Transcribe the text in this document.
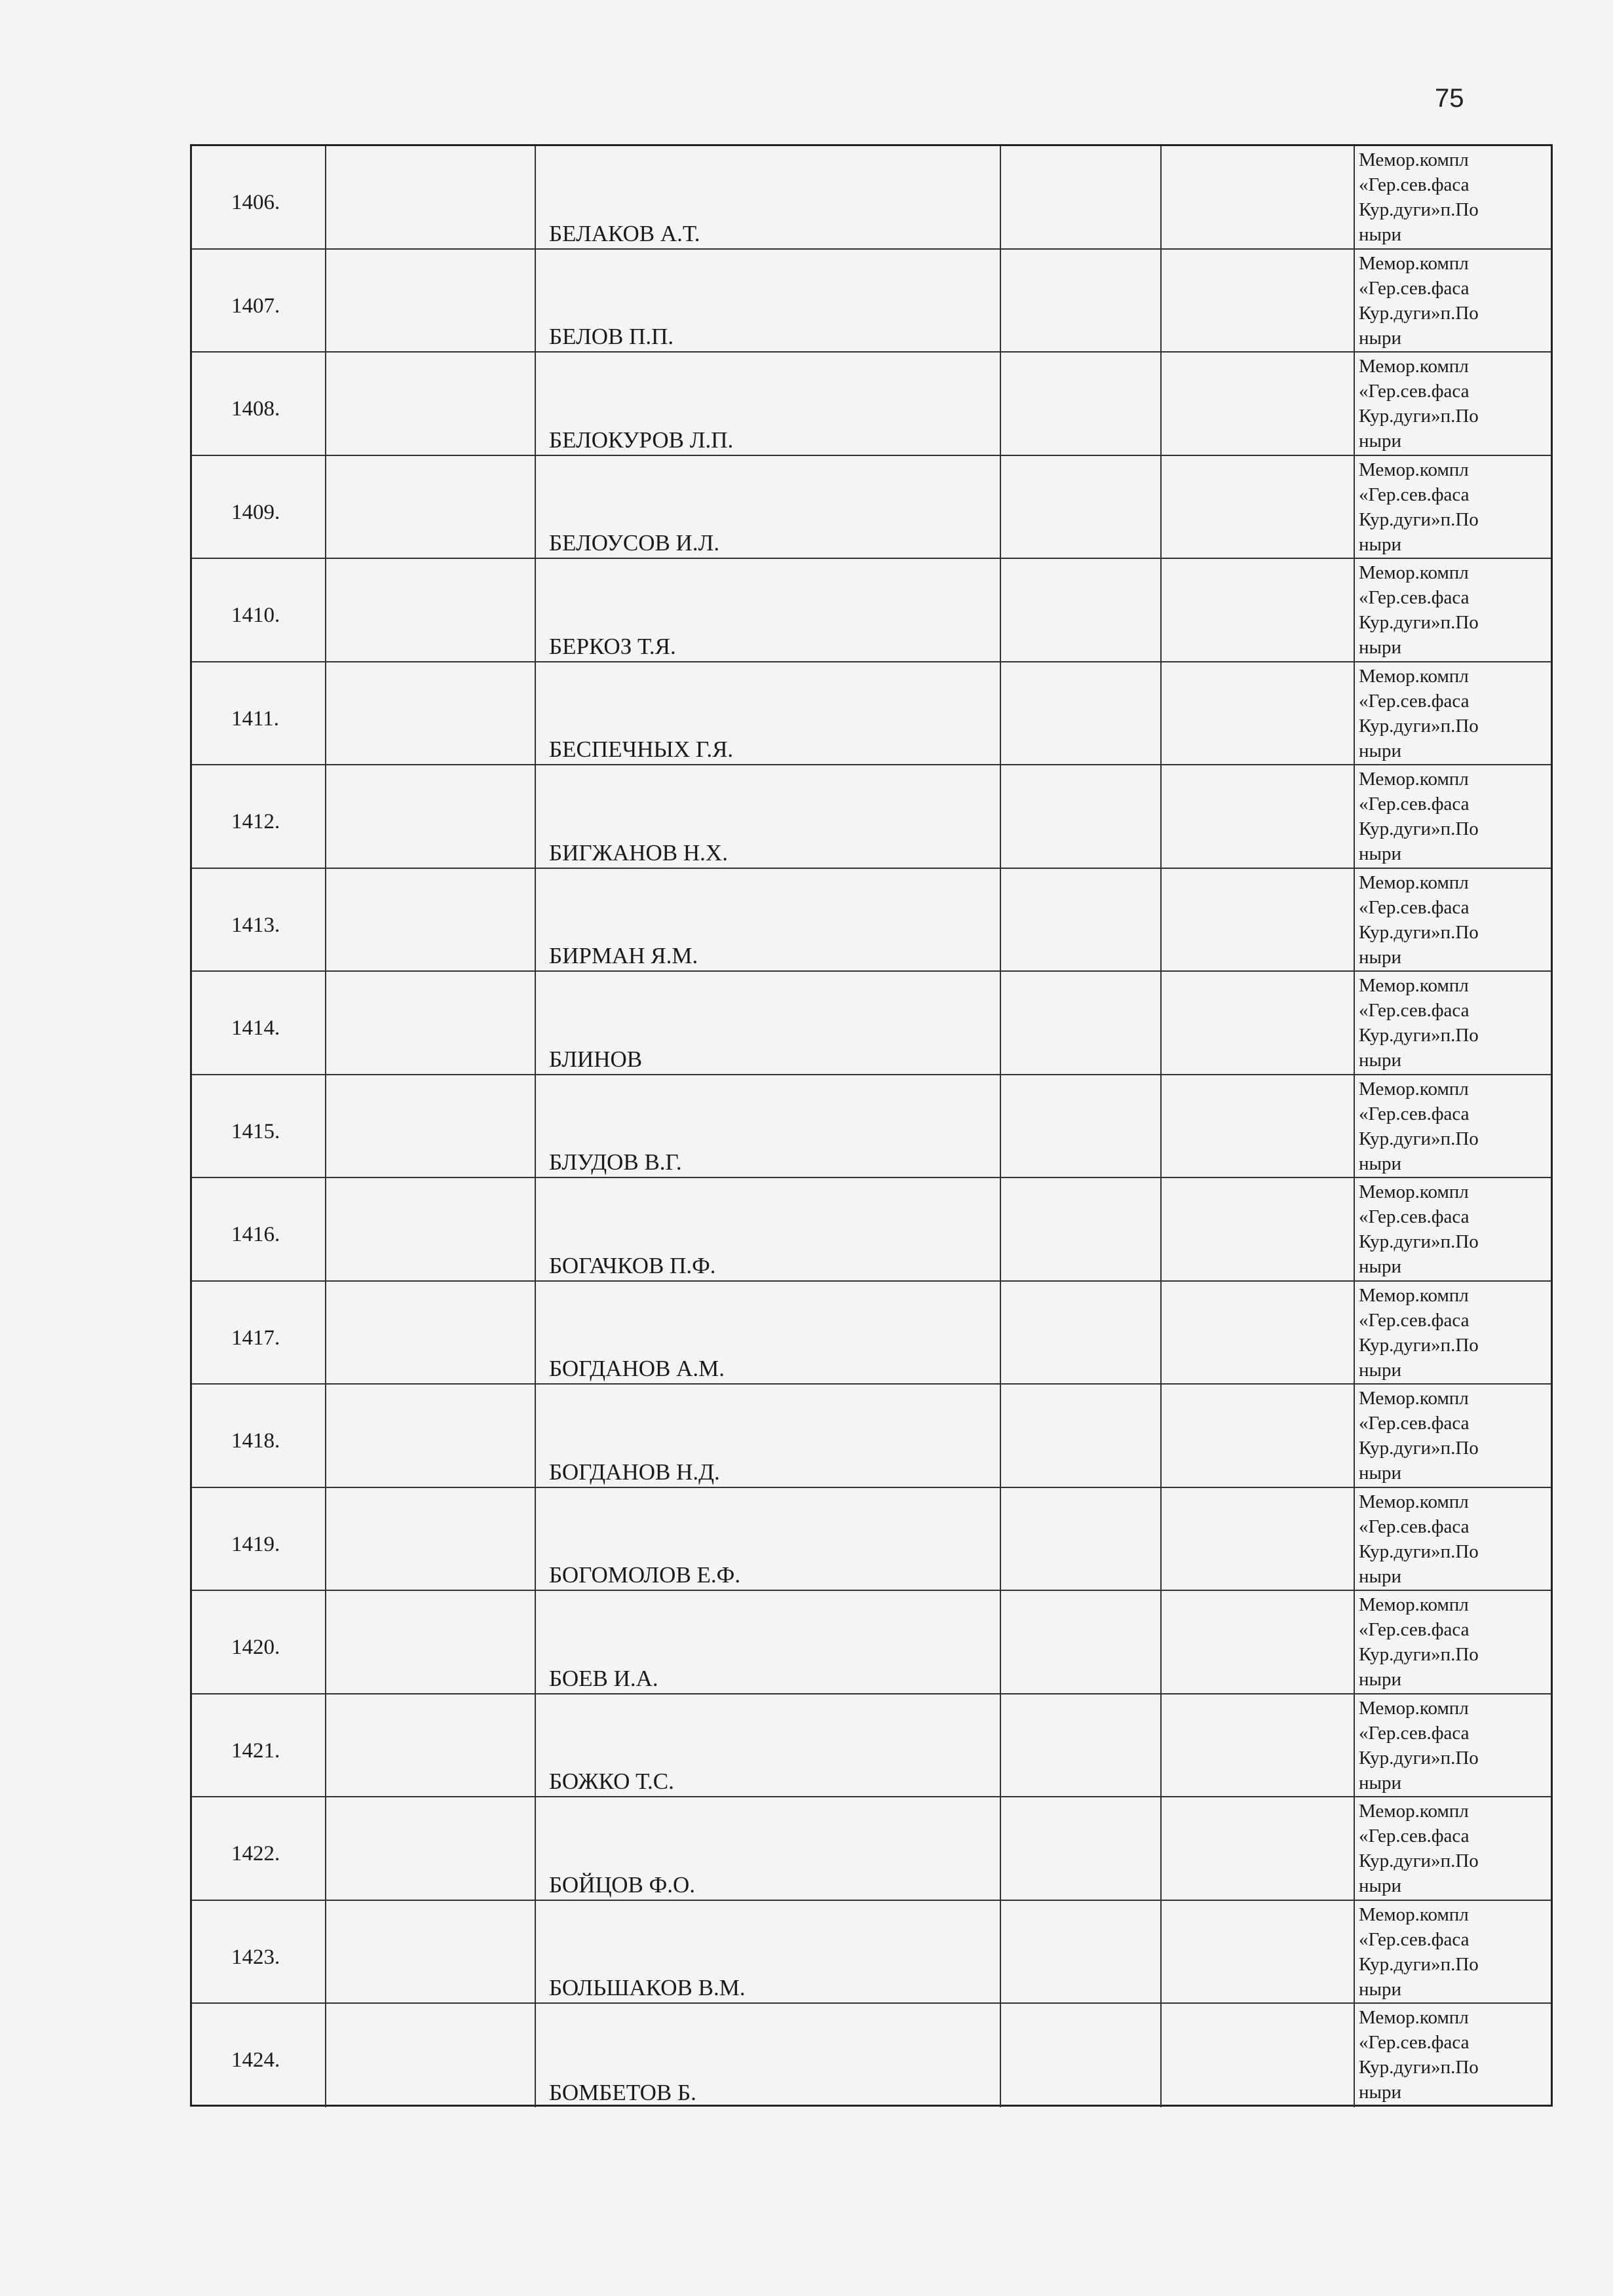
75
1406.
БЕЛАКОВ А.Т.
Мемор.компл
«Гер.сев.фаса
Кур.дуги»п.По
ныри
1407.
БЕЛОВ П.П.
Мемор.компл
«Гер.сев.фаса
Кур.дуги»п.По
ныри
1408.
БЕЛОКУРОВ Л.П.
Мемор.компл
«Гер.сев.фаса
Кур.дуги»п.По
ныри
1409.
БЕЛОУСОВ И.Л.
Мемор.компл
«Гер.сев.фаса
Кур.дуги»п.По
ныри
1410.
БЕРКОЗ Т.Я.
Мемор.компл
«Гер.сев.фаса
Кур.дуги»п.По
ныри
1411.
БЕСПЕЧНЫХ Г.Я.
Мемор.компл
«Гер.сев.фаса
Кур.дуги»п.По
ныри
1412.
БИГЖАНОВ Н.Х.
Мемор.компл
«Гер.сев.фаса
Кур.дуги»п.По
ныри
1413.
БИРМАН Я.М.
Мемор.компл
«Гер.сев.фаса
Кур.дуги»п.По
ныри
1414.
БЛИНОВ
Мемор.компл
«Гер.сев.фаса
Кур.дуги»п.По
ныри
1415.
БЛУДОВ В.Г.
Мемор.компл
«Гер.сев.фаса
Кур.дуги»п.По
ныри
1416.
БОГАЧКОВ П.Ф.
Мемор.компл
«Гер.сев.фаса
Кур.дуги»п.По
ныри
1417.
БОГДАНОВ А.М.
Мемор.компл
«Гер.сев.фаса
Кур.дуги»п.По
ныри
1418.
БОГДАНОВ Н.Д.
Мемор.компл
«Гер.сев.фаса
Кур.дуги»п.По
ныри
1419.
БОГОМОЛОВ Е.Ф.
Мемор.компл
«Гер.сев.фаса
Кур.дуги»п.По
ныри
1420.
БОЕВ И.А.
Мемор.компл
«Гер.сев.фаса
Кур.дуги»п.По
ныри
1421.
БОЖКО Т.С.
Мемор.компл
«Гер.сев.фаса
Кур.дуги»п.По
ныри
1422.
БОЙЦОВ Ф.О.
Мемор.компл
«Гер.сев.фаса
Кур.дуги»п.По
ныри
1423.
БОЛЬШАКОВ В.М.
Мемор.компл
«Гер.сев.фаса
Кур.дуги»п.По
ныри
1424.
БОМБЕТОВ Б.
Мемор.компл
«Гер.сев.фаса
Кур.дуги»п.По
ныри
